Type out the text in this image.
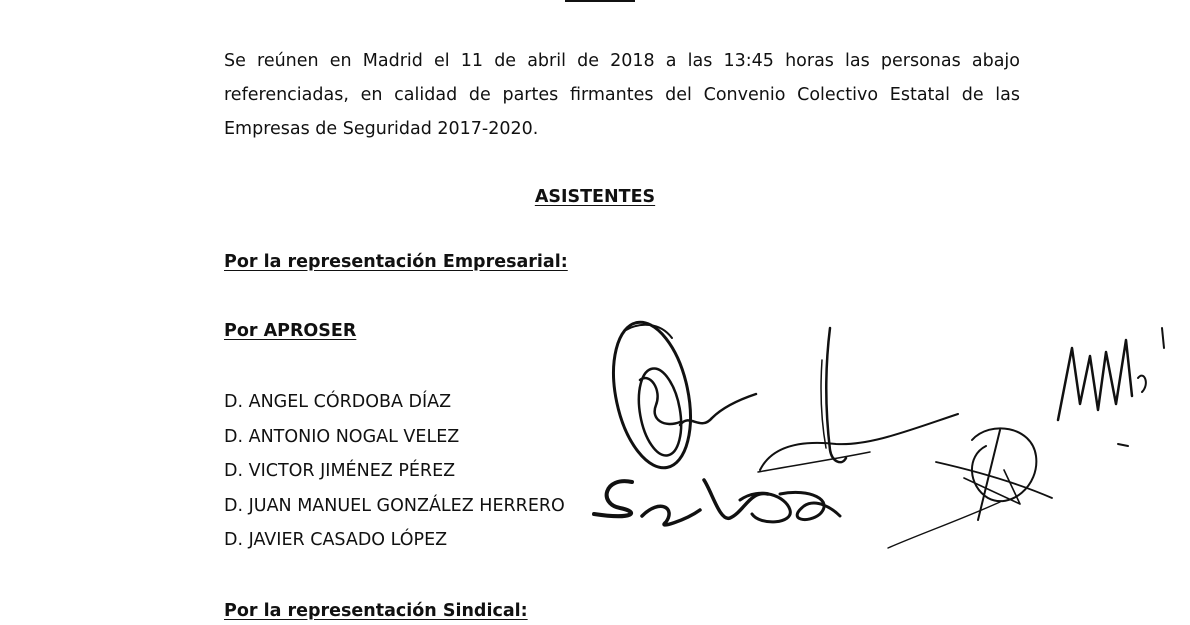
Se reúnen en Madrid el 11 de abril de 2018 a las 13:45 horas las personas abajo referenciadas, en calidad de partes firmantes del Convenio Colectivo Estatal de las Empresas de Seguridad 2017-2020.

ASISTENTES
Por la representación Empresarial:
Por APROSER
D. ANGEL CÓRDOBA DÍAZ
D. ANTONIO NOGAL VELEZ
D. VICTOR JIMÉNEZ PÉREZ
D. JUAN MANUEL GONZÁLEZ HERRERO
D. JAVIER CASADO LÓPEZ
Por la representación Sindical:
